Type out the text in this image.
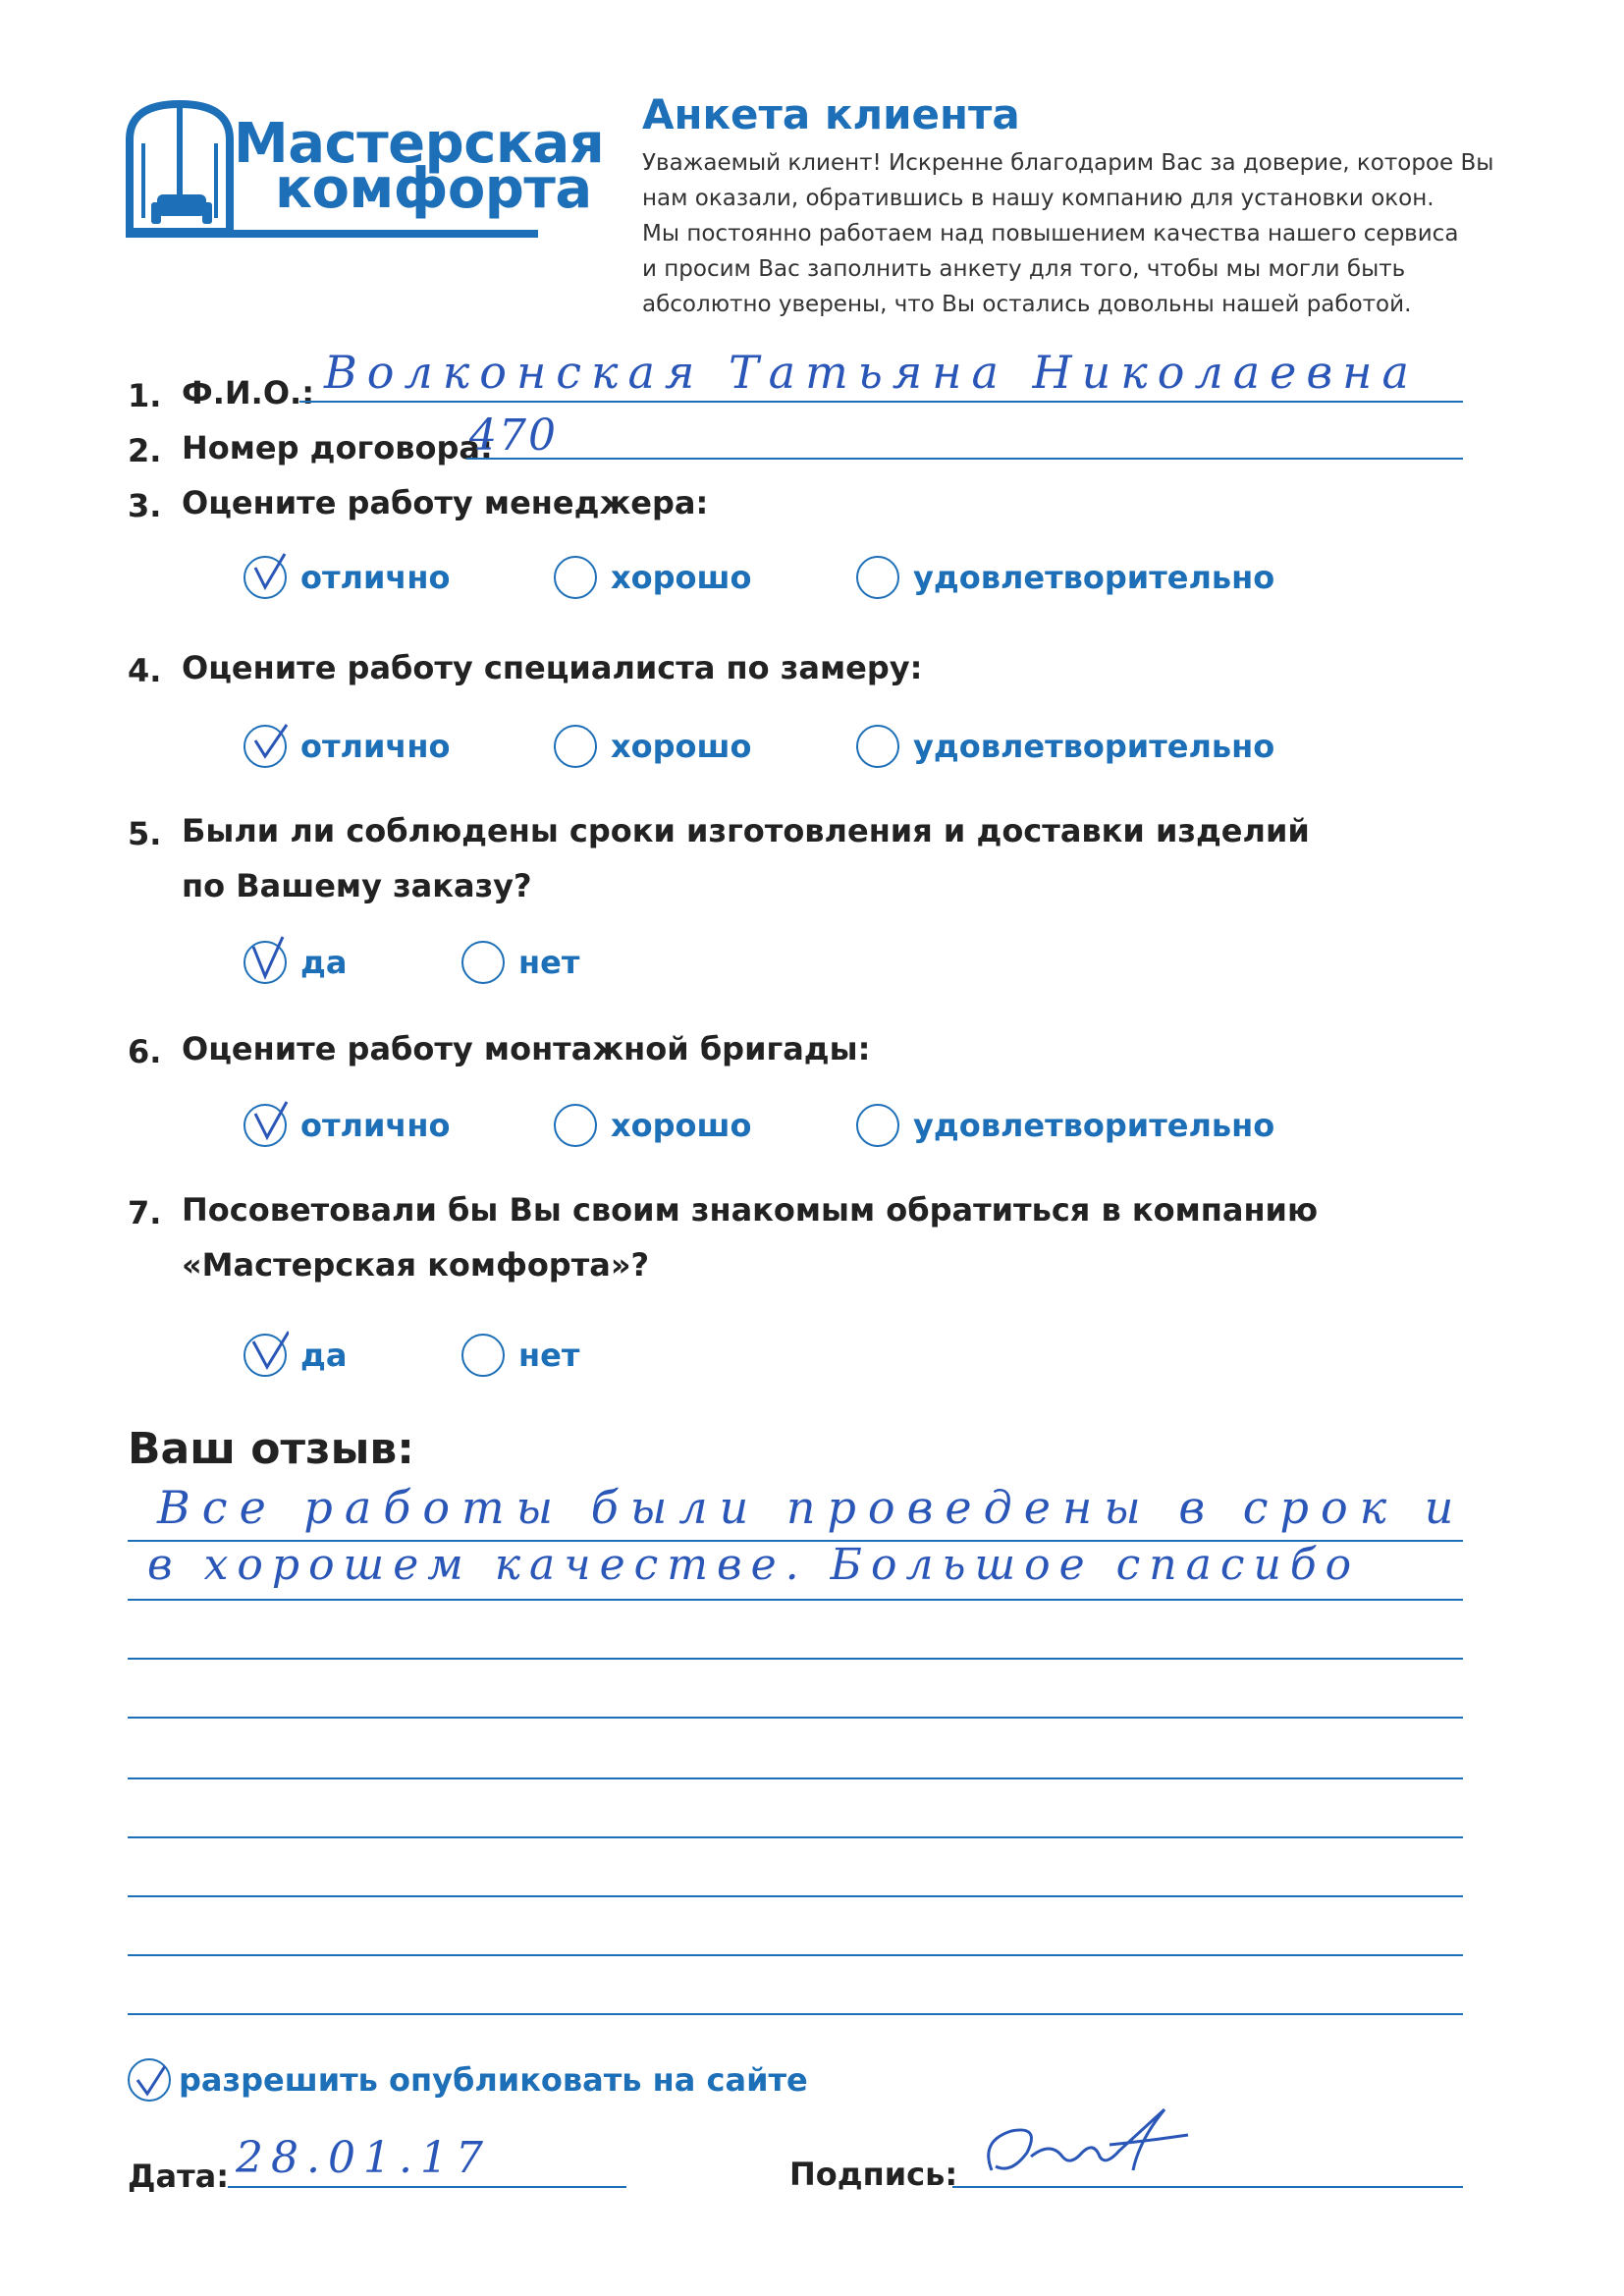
Мастерская
комфорта
Анкета клиента
Уважаемый клиент! Искренне благодарим Вас за доверие, которое Вы
нам оказали, обратившись в нашу компанию для установки окон.
Мы постоянно работаем над повышением качества нашего сервиса
и просим Вас заполнить анкету для того, чтобы мы могли быть
абсолютно уверены, что Вы остались довольны нашей работой.
1. Ф.И.О.: Волконская Татьяна Николаевна
2. Номер договора:
470
3. Оцените работу менеджера:
отлично	хорошо	удовлетворительно
4. Оцените работу специалиста по замеру:
отлично	хорошо	удовлетворительно
5. Были ли соблюдены сроки изготовления и доставки изделий
по Вашему заказу?
да	нет
6. Оцените работу монтажной бригады:
отлично	хорошо	удовлетворительно
7. Посоветовали бы Вы своим знакомым обратиться в компанию
«Мастерская комфорта»?
да	нет
Ваш отзыв:
Все работы были проведены в срок и
в хорошем качестве. Большое спасибо
разрешить опубликовать на сайте
Дата: 28.01.17	Подпись:
